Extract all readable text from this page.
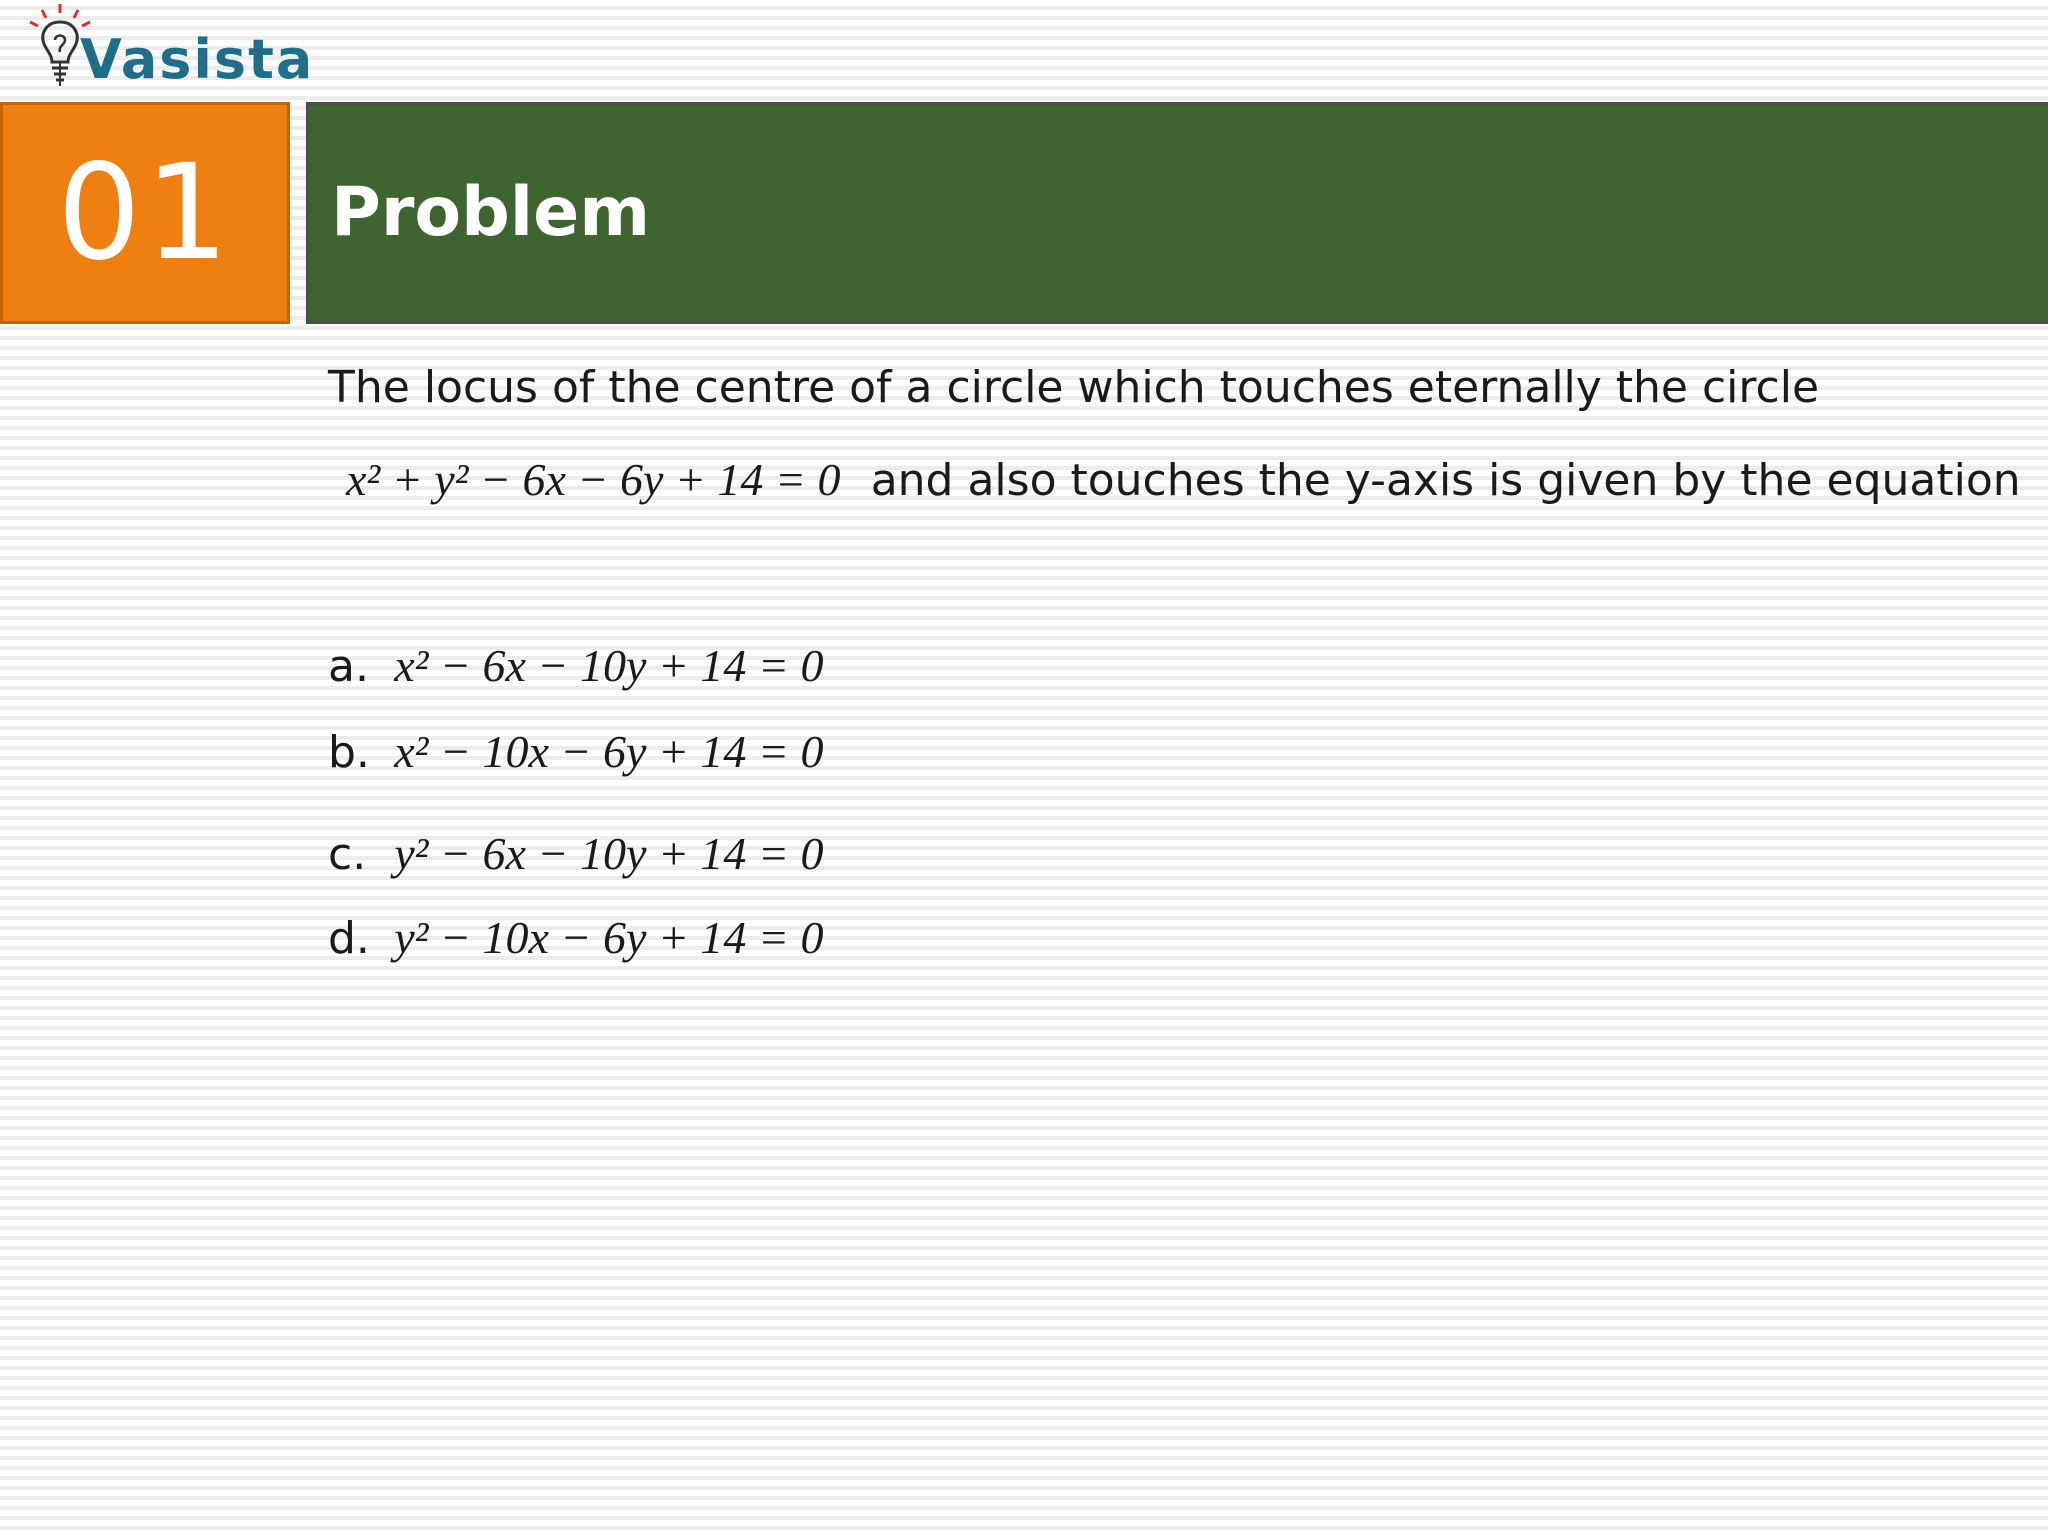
Vasista
01 Problem
The locus of the centre of a circle which touches eternally the circle
x² + y² − 6x − 6y + 14 = 0 and also touches the y-axis is given by the equation
a. x² − 6x − 10y + 14 = 0
b. x² − 10x − 6y + 14 = 0
c. y² − 6x − 10y + 14 = 0
d. y² − 10x − 6y + 14 = 0
